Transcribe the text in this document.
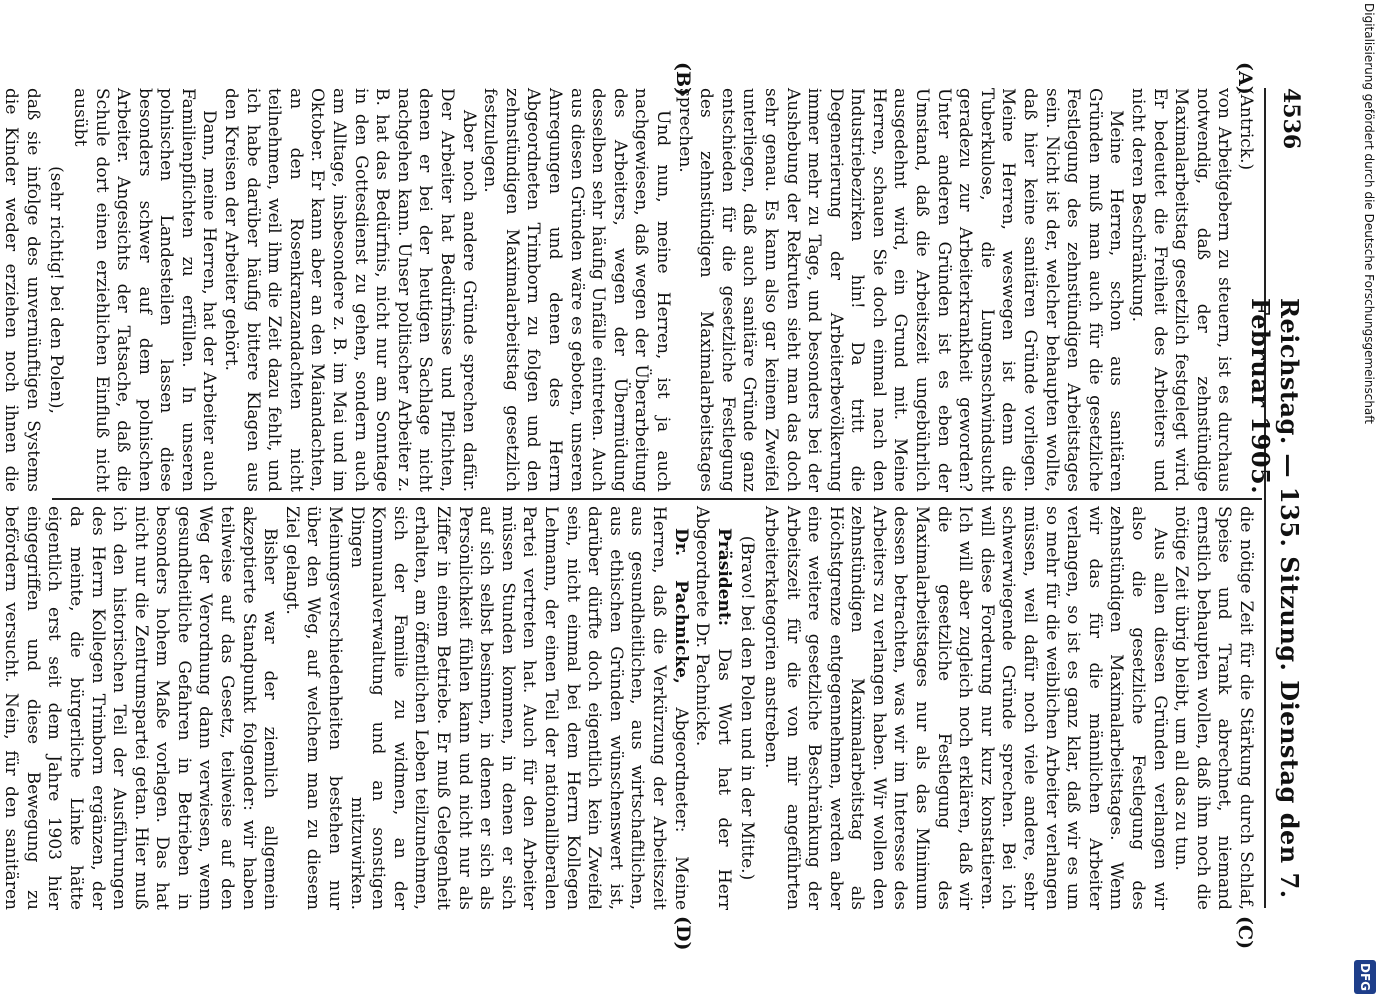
4536
Reichstag. — 135. Sitzung. Dienstag den 7. Februar 1905.
(A)
(B)
(C)
(D)

(Antrick.)

von Arbeitgebern zu steuern, ist es durchaus notwendig, daß der zehnstündige Maximalarbeitstag gesetzlich festgelegt wird. Er bedeutet die Freiheit des Arbeiters und nicht deren Beschränkung.

Meine Herren, schon aus sanitären Gründen muß man auch für die gesetzliche Festlegung des zehnstündigen Arbeitstages sein. Nicht ist der, welcher behaupten wollte, daß hier keine sanitären Gründe vorliegen. Meine Herren, weswegen ist denn die Tuberkulose, die Lungenschwindsucht geradezu zur Arbeiterkrankheit geworden? Unter anderen Gründen ist es eben der Umstand, daß die Arbeitszeit ungebührlich ausgedehnt wird, ein Grund mit. Meine Herren, schauen Sie doch einmal nach den Industriebezirken hin! Da tritt die Degenerierung der Arbeiterbevölkerung immer mehr zu Tage, und besonders bei der Aushebung der Rekruten sieht man das doch sehr genau. Es kann also gar keinem Zweifel unterliegen, daß auch sanitäre Gründe ganz entschieden für die gesetzliche Festlegung des zehnstündigen Maximalarbeitstages sprechen.

Und nun, meine Herren, ist ja auch nachgewiesen, daß wegen der Überarbeitung des Arbeiters, wegen der Übermüdung desselben sehr häufig Unfälle eintreten. Auch aus diesen Gründen wäre es geboten, unseren Anregungen und denen des Herrn Abgeordneten Trimborn zu folgen und den zehnstündigen Maximalarbeitstag gesetzlich festzulegen.

Aber noch andere Gründe sprechen dafür. Der Arbeiter hat Bedürfnisse und Pflichten, denen er bei der heutigen Sachlage nicht nachgehen kann. Unser politischer Arbeiter z. B. hat das Bedürfnis, nicht nur am Sonntage in den Gottesdienst zu gehen, sondern auch am Alltage, insbesondere z. B. im Mai und im Oktober. Er kann aber an den Maiandachten, an den Rosenkranzandachten nicht teilnehmen, weil ihm die Zeit dazu fehlt, und ich habe darüber häufig bittere Klagen aus den Kreisen der Arbeiter gehört.

Dann, meine Herren, hat der Arbeiter auch Familienpflichten zu erfüllen. In unseren polnischen Landesteilen lassen diese besonders schwer auf dem polnischen Arbeiter. Angesichts der Tatsache, daß die Schule dort einen erziehlichen Einfluß nicht ausübt

(sehr richtig! bei den Polen),

daß sie infolge des unvernünftigen Systems die Kinder weder erziehen noch ihnen die

die nötige Zeit für die Stärkung durch Schlaf, Speise und Trank abrechnet, niemand ernstlich behaupten wollen, daß ihm noch die nötige Zeit übrig bleibt, um all das zu tun.

Aus allen diesen Gründen verlangen wir also die gesetzliche Festlegung des zehnstündigen Maximalarbeitstages. Wenn wir das für die männlichen Arbeiter verlangen, so ist es ganz klar, daß wir es um so mehr für die weiblichen Arbeiter verlangen müssen, weil dafür noch viele andere, sehr schwerwiegende Gründe sprechen. Bei ich will diese Forderung nur kurz konstatieren. Ich will aber zugleich noch erklären, daß wir die gesetzliche Festlegung des Maximalarbeitstages nur als das Minimum dessen betrachten, was wir im Interesse des Arbeiters zu verlangen haben. Wir wollen den zehnstündigen Maximalarbeitstag als Höchstgrenze entgegennehmen, werden aber eine weitere gesetzliche Beschränkung der Arbeitszeit für die von mir angeführten Arbeiterkategorien anstreben.

(Bravo! bei den Polen und in der Mitte.)

Präsident: Das Wort hat der Herr Abgeordnete Dr. Pachnicke.

Dr. Pachnicke, Abgeordneter: Meine Herren, daß die Verkürzung der Arbeitszeit aus gesundheitlichen, aus wirtschaftlichen, aus ethischen Gründen wünschenswert ist, darüber dürfte doch eigentlich kein Zweifel sein, nicht einmal bei dem Herrn Kollegen Lehmann, der einen Teil der nationalliberalen Partei vertreten hat. Auch für den Arbeiter müssen Stunden kommen, in denen er sich auf sich selbst besinnen, in denen er sich als Persönlichkeit fühlen kann und nicht nur als Ziffer in einem Betriebe. Er muß Gelegenheit erhalten, am öffentlichen Leben teilzunehmen, sich der Familie zu widmen, an der Kommunalverwaltung und an sonstigen Dingen mitzuwirken. Meinungsverschiedenheiten bestehen nur über den Weg, auf welchem man zu diesem Ziel gelangt.

Bisher war der ziemlich allgemein akzeptierte Standpunkt folgender: wir haben teilweise auf das Gesetz, teilweise auf den Weg der Verordnung dann verwiesen, wenn gesundheitliche Gefahren in Betrieben in besonders hohem Maße vorlagen. Das hat nicht nur die Zentrumspartei getan. Hier muß ich den historischen Teil der Ausführungen des Herrn Kollegen Trimborn ergänzen, der da meinte, die bürgerliche Linke hätte eigentlich erst seit dem Jahre 1903 hier eingegriffen und diese Bewegung zu befördern versucht. Nein, für den sanitären

Digitalisierung gefördert durch die Deutsche Forschungsgemeinschaft
DFG
